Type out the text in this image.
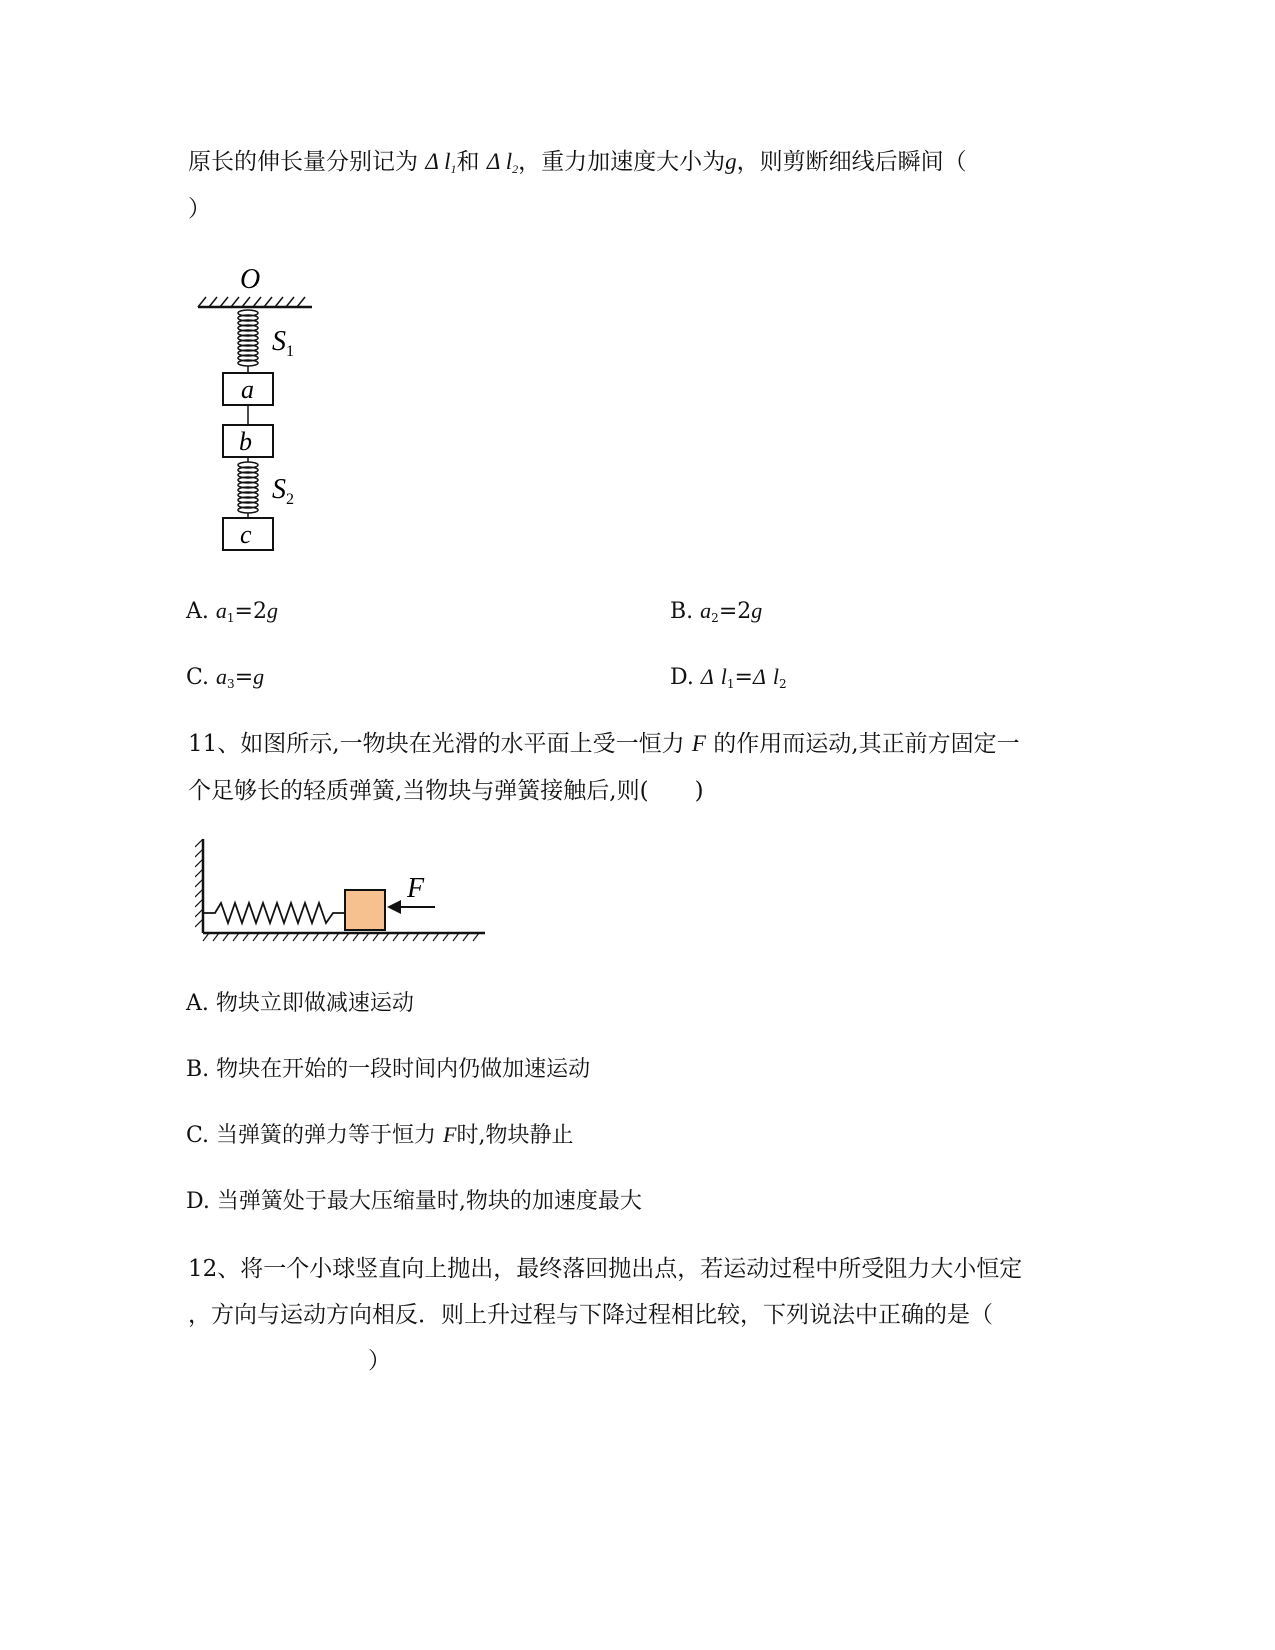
原长的伸长量分别记为 Δ $l_1$和 Δ $l_2$，重力加速度大小为g，则剪断细线后瞬间（
）
O
$S_1$
a
b
$S_2$
c
A. $a_1=2g$	B. $a_2=2g$
C. $a_3=g$	D. Δ $l_1=\Delta$ $l_2$
11、如图所示,一物块在光滑的水平面上受一恒力 F 的作用而运动,其正前方固定一
个足够长的轻质弹簧,当物块与弹簧接触后,则(　　)
F
A. 物块立即做减速运动
B. 物块在开始的一段时间内仍做加速运动
C. 当弹簧的弹力等于恒力 F时,物块静止
D. 当弹簧处于最大压缩量时,物块的加速度最大
12、将一个小球竖直向上抛出，最终落回抛出点，若运动过程中所受阻力大小恒定
，方向与运动方向相反．则上升过程与下降过程相比较，下列说法中正确的是（
）
